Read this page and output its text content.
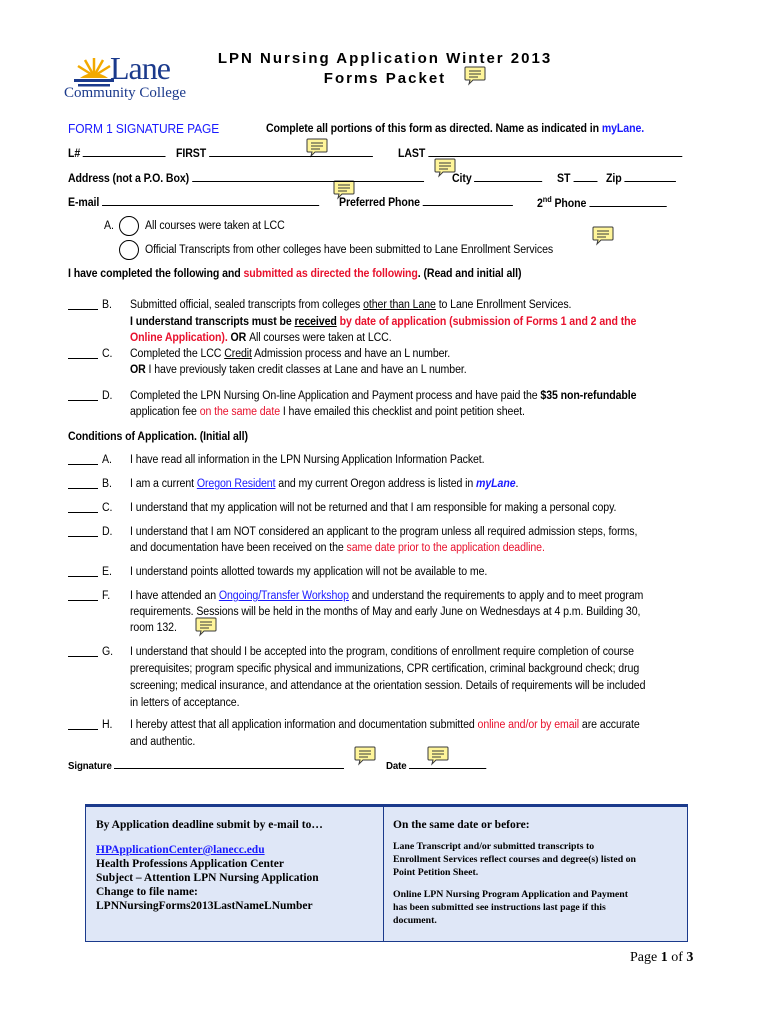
Lane
Community College
LPN Nursing Application Winter 2013
Forms Packet
FORM 1 SIGNATURE PAGE	Complete all portions of this form as directed. Name as indicated in myLane.
L#	FIRST	LAST
Address (not a P.O. Box)	City	ST	Zip
E-mail	Preferred Phone	2nd Phone
A.	All courses were taken at LCC
Official Transcripts from other colleges have been submitted to Lane Enrollment Services
I have completed the following and submitted as directed the following. (Read and initial all)
B. Submitted official, sealed transcripts from colleges other than Lane to Lane Enrollment Services.
I understand transcripts must be received by date of application (submission of Forms 1 and 2 and the
Online Application). OR All courses were taken at LCC.
C. Completed the LCC Credit Admission process and have an L number.
OR I have previously taken credit classes at Lane and have an L number.
D. Completed the LPN Nursing On-line Application and Payment process and have paid the $35 non-refundable
application fee on the same date I have emailed this checklist and point petition sheet.
Conditions of Application. (Initial all)
A. I have read all information in the LPN Nursing Application Information Packet.
B. I am a current Oregon Resident and my current Oregon address is listed in myLane.
C. I understand that my application will not be returned and that I am responsible for making a personal copy.
D. I understand that I am NOT considered an applicant to the program unless all required admission steps, forms,
and documentation have been received on the same date prior to the application deadline.
E. I understand points allotted towards my application will not be available to me.
F. I have attended an Ongoing/Transfer Workshop and understand the requirements to apply and to meet program
requirements. Sessions will be held in the months of May and early June on Wednesdays at 4 p.m. Building 30,
room 132.
G. I understand that should I be accepted into the program, conditions of enrollment require completion of course
prerequisites; program specific physical and immunizations, CPR certification, criminal background check; drug
screening; medical insurance, and attendance at the orientation session. Details of requirements will be included
in letters of acceptance.
H. I hereby attest that all application information and documentation submitted online and/or by email are accurate
and authentic.
Signature	Date
By Application deadline submit by e-mail to…
HPApplicationCenter@lanecc.edu
Health Professions Application Center
Subject – Attention LPN Nursing Application
Change to file name:
LPNNursingForms2013LastNameLNumber
On the same date or before:
Lane Transcript and/or submitted transcripts to
Enrollment Services reflect courses and degree(s) listed on
Point Petition Sheet.
Online LPN Nursing Program Application and Payment
has been submitted see instructions last page if this
document.
Page 1 of 3
